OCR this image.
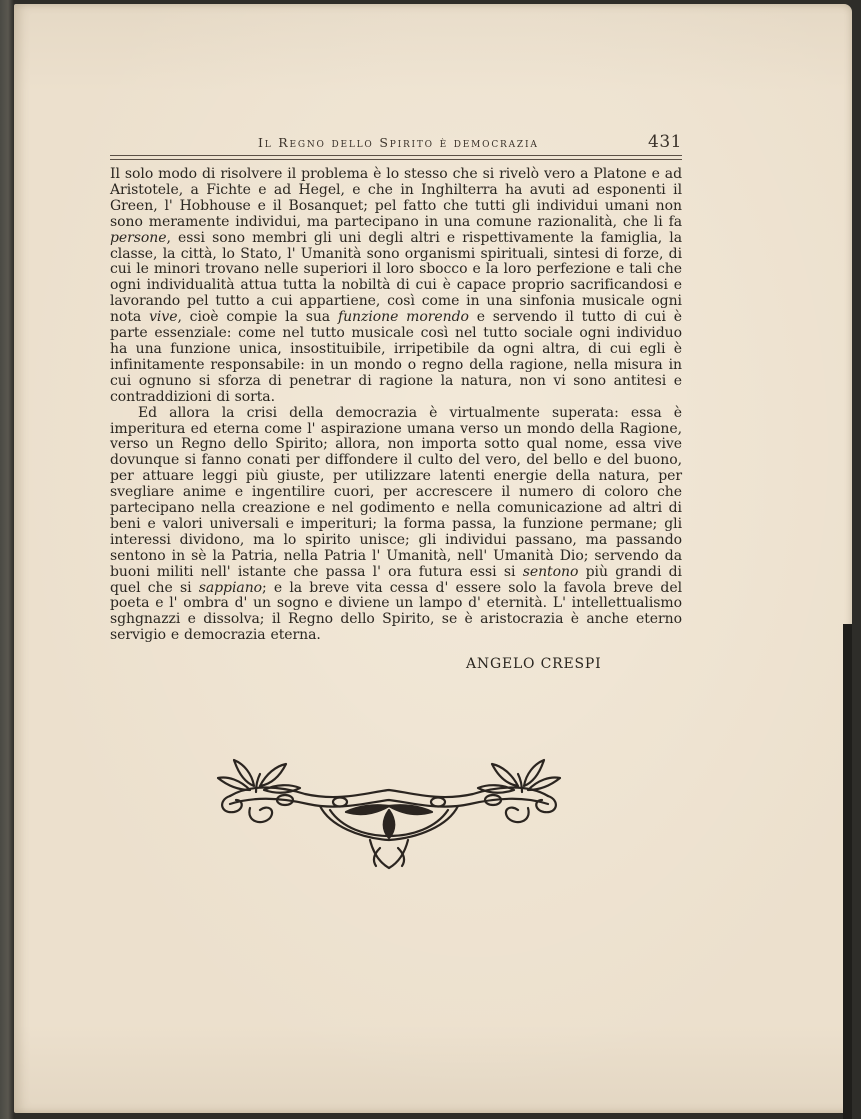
Il Regno dello Spirito è democrazia	431

Il solo modo di risolvere il problema è lo stesso che si rivelò vero a Platone e ad Aristotele, a Fichte e ad Hegel, e che in Inghilterra ha avuti ad esponenti il Green, l' Hobhouse e il Bosanquet; pel fatto che tutti gli individui umani non sono meramente individui, ma partecipano in una comune razionalità, che li fa persone, essi sono membri gli uni degli altri e rispettivamente la famiglia, la classe, la città, lo Stato, l' Umanità sono organismi spirituali, sintesi di forze, di cui le minori trovano nelle superiori il loro sbocco e la loro perfezione e tali che ogni individualità attua tutta la nobiltà di cui è capace proprio sacrificandosi e lavorando pel tutto a cui appartiene, così come in una sinfonia musicale ogni nota vive, cioè compie la sua funzione morendo e servendo il tutto di cui è parte essenziale: come nel tutto musicale così nel tutto sociale ogni individuo ha una funzione unica, insostituibile, irripetibile da ogni altra, di cui egli è infinitamente responsabile: in un mondo o regno della ragione, nella misura in cui ognuno si sforza di penetrar di ragione la natura, non vi sono antitesi e contraddizioni di sorta.

Ed allora la crisi della democrazia è virtualmente superata: essa è imperitura ed eterna come l' aspirazione umana verso un mondo della Ragione, verso un Regno dello Spirito; allora, non importa sotto qual nome, essa vive dovunque si fanno conati per diffondere il culto del vero, del bello e del buono, per attuare leggi più giuste, per utilizzare latenti energie della natura, per svegliare anime e ingentilire cuori, per accrescere il numero di coloro che partecipano nella creazione e nel godimento e nella comunicazione ad altri di beni e valori universali e imperituri; la forma passa, la funzione permane; gli interessi dividono, ma lo spirito unisce; gli individui passano, ma passando sentono in sè la Patria, nella Patria l' Umanità, nell' Umanità Dio; servendo da buoni militi nell' istante che passa l' ora futura essi si sentono più grandi di quel che si sappiano; e la breve vita cessa d' essere solo la favola breve del poeta e l' ombra d' un sogno e diviene un lampo d' eternità. L' intellettualismo sghgnazzi e dissolva; il Regno dello Spirito, se è aristocrazia è anche eterno servigio e democrazia eterna.

ANGELO CRESPI
